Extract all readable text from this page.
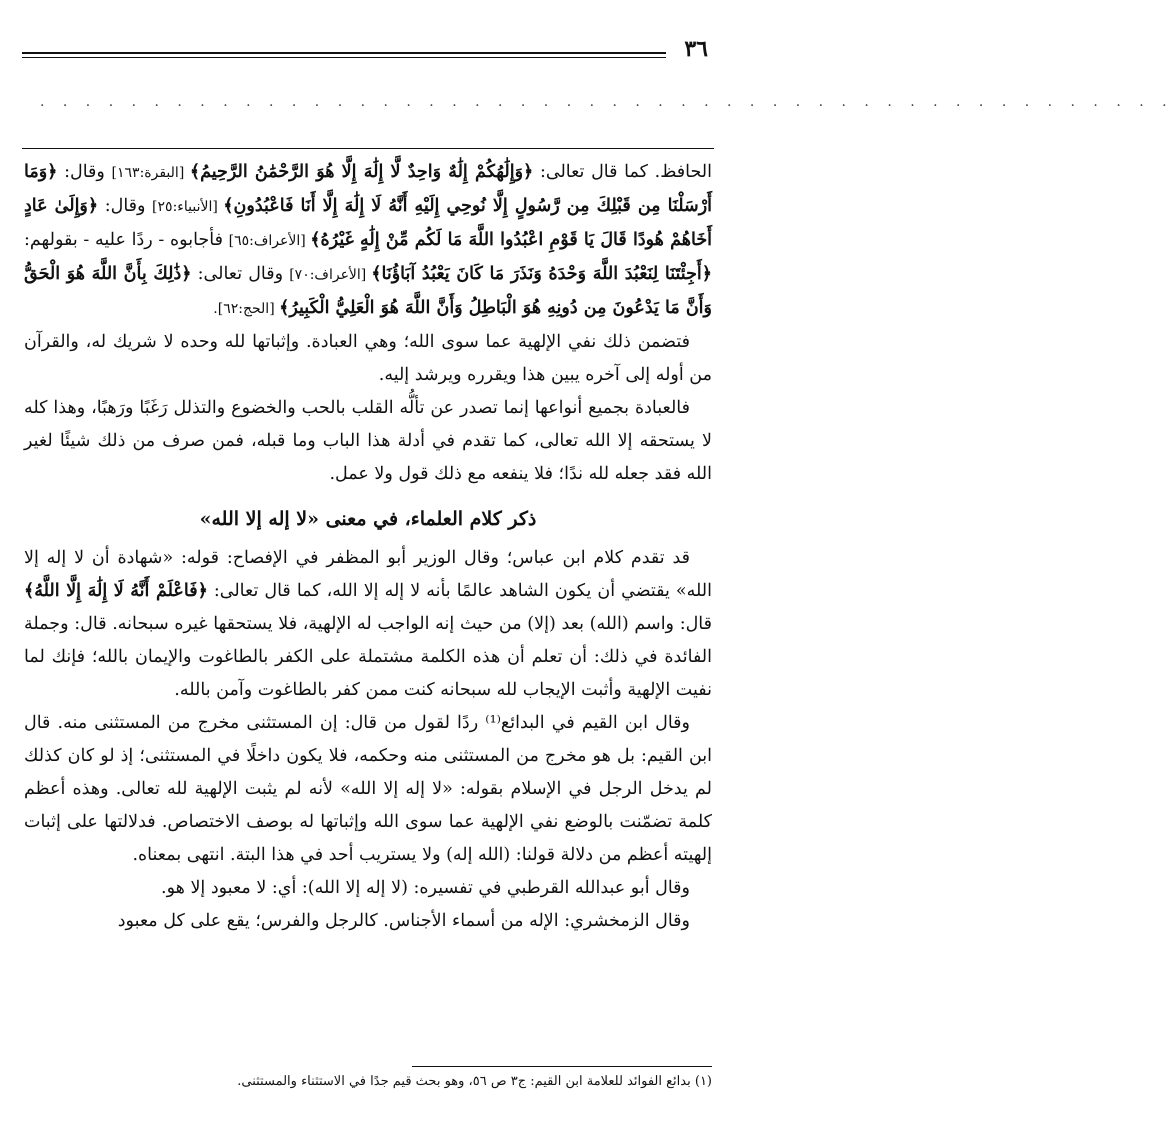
٣٦
· · · · · · · · · · · · · · · · · · · · · · · · · · · · · · · · · · · · · · · · · · · · · · · · · ·

الحافظ. كما قال تعالى: ﴿وَإِلَٰهُكُمْ إِلَٰهٌ وَاحِدٌ لَّا إِلَٰهَ إِلَّا هُوَ الرَّحْمَٰنُ الرَّحِيمُ﴾ [البقرة:١٦٣] وقال: ﴿وَمَا أَرْسَلْنَا مِن قَبْلِكَ مِن رَّسُولٍ إِلَّا نُوحِي إِلَيْهِ أَنَّهُ لَا إِلَٰهَ إِلَّا أَنَا فَاعْبُدُونِ﴾ [الأنبياء:٢٥] وقال: ﴿وَإِلَىٰ عَادٍ أَخَاهُمْ هُودًا قَالَ يَا قَوْمِ اعْبُدُوا اللَّهَ مَا لَكُم مِّنْ إِلَٰهٍ غَيْرُهُ﴾ [الأعراف:٦٥] فأجابوه - ردًا عليه - بقولهم: ﴿أَجِئْتَنَا لِنَعْبُدَ اللَّهَ وَحْدَهُ وَنَذَرَ مَا كَانَ يَعْبُدُ آبَاؤُنَا﴾ [الأعراف:٧٠] وقال تعالى: ﴿ذَٰلِكَ بِأَنَّ اللَّهَ هُوَ الْحَقُّ وَأَنَّ مَا يَدْعُونَ مِن دُونِهِ هُوَ الْبَاطِلُ وَأَنَّ اللَّهَ هُوَ الْعَلِيُّ الْكَبِيرُ﴾ [الحج:٦٢].

فتضمن ذلك نفي الإلهية عما سوى الله؛ وهي العبادة. وإثباتها لله وحده لا شريك له، والقرآن من أوله إلى آخره يبين هذا ويقرره ويرشد إليه.

فالعبادة بجميع أنواعها إنما تصدر عن تألُّه القلب بالحب والخضوع والتذلل رَغَبًا ورَهبًا، وهذا كله لا يستحقه إلا الله تعالى، كما تقدم في أدلة هذا الباب وما قبله، فمن صرف من ذلك شيئًا لغير الله فقد جعله لله ندًا؛ فلا ينفعه مع ذلك قول ولا عمل.

ذكر كلام العلماء، في معنى «لا إله إلا الله»

قد تقدم كلام ابن عباس؛ وقال الوزير أبو المظفر في الإفصاح: قوله: «شهادة أن لا إله إلا الله» يقتضي أن يكون الشاهد عالمًا بأنه لا إله إلا الله، كما قال تعالى: ﴿فَاعْلَمْ أَنَّهُ لَا إِلَٰهَ إِلَّا اللَّهُ﴾ قال: واسم (الله) بعد (إلا) من حيث إنه الواجب له الإلهية، فلا يستحقها غيره سبحانه. قال: وجملة الفائدة في ذلك: أن تعلم أن هذه الكلمة مشتملة على الكفر بالطاغوت والإيمان بالله؛ فإنك لما نفيت الإلهية وأثبت الإيجاب لله سبحانه كنت ممن كفر بالطاغوت وآمن بالله.

وقال ابن القيم في البدائع⁽¹⁾ ردًا لقول من قال: إن المستثنى مخرج من المستثنى منه. قال ابن القيم: بل هو مخرج من المستثنى منه وحكمه، فلا يكون داخلًا في المستثنى؛ إذ لو كان كذلك لم يدخل الرجل في الإسلام بقوله: «لا إله إلا الله» لأنه لم يثبت الإلهية لله تعالى. وهذه أعظم كلمة تضمّنت بالوضع نفي الإلهية عما سوى الله وإثباتها له بوصف الاختصاص. فدلالتها على إثبات إلهيته أعظم من دلالة قولنا: (الله إله) ولا يستريب أحد في هذا البتة. انتهى بمعناه.

وقال أبو عبدالله القرطبي في تفسيره: (لا إله إلا الله): أي: لا معبود إلا هو.

وقال الزمخشري: الإله من أسماء الأجناس. كالرجل والفرس؛ يقع على كل معبود

(١) بدائع الفوائد للعلامة ابن القيم: ج٣ ص ٥٦، وهو بحث قيم جدًا في الاستثناء والمستثنى.
